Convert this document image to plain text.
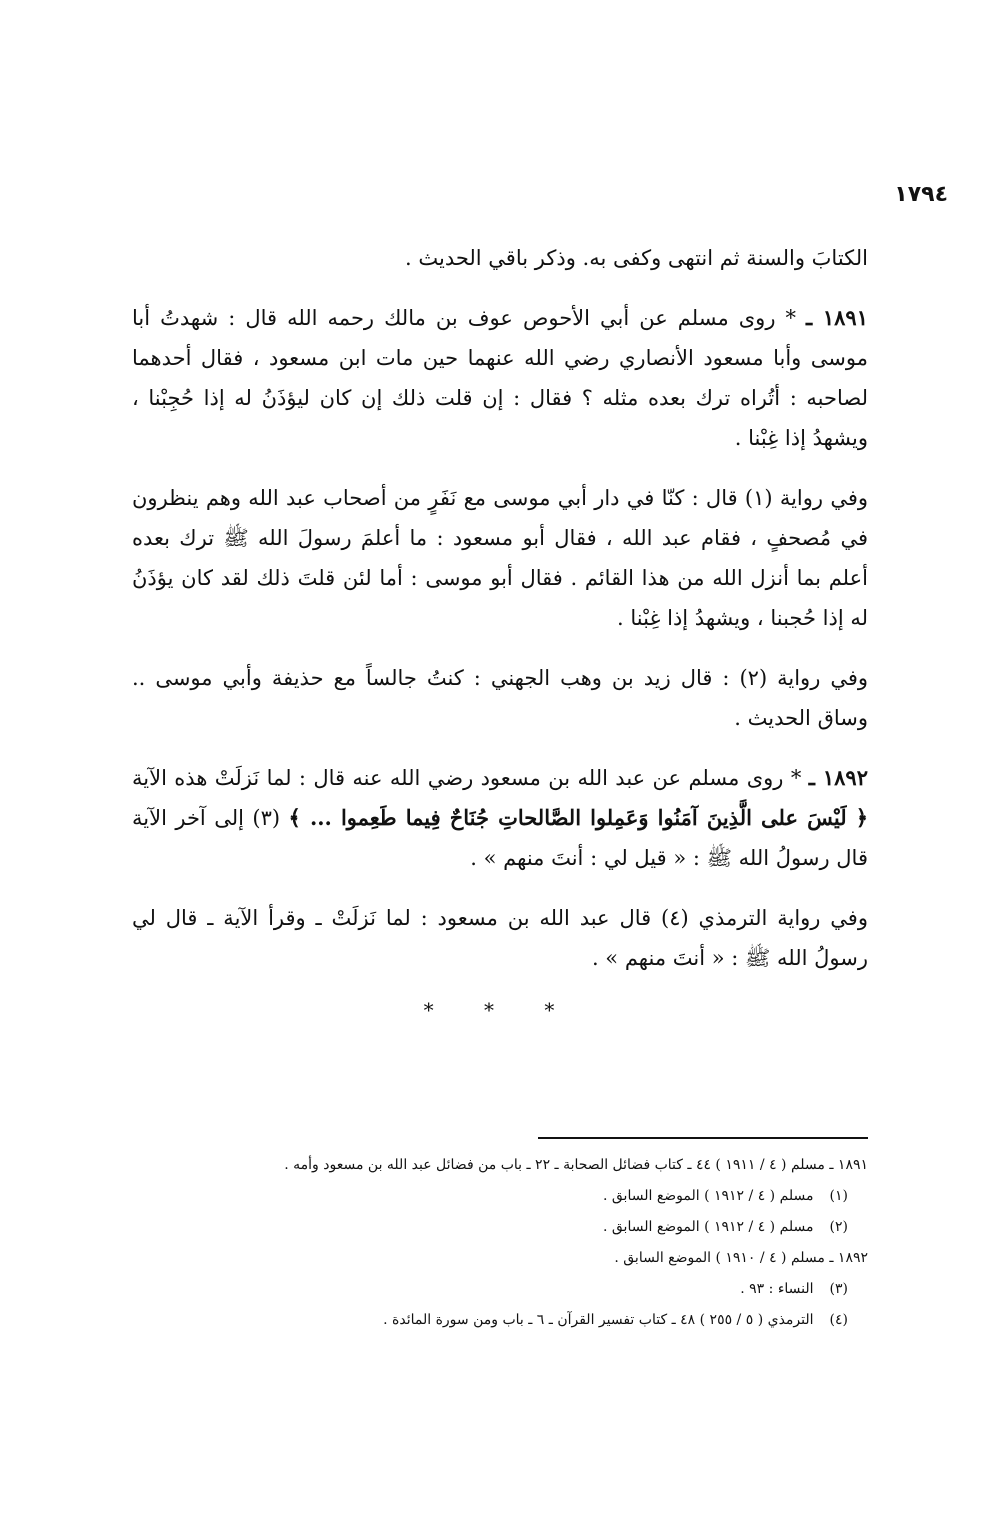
١٧٩٤

الكتابَ والسنة ثم انتهى وكفى به. وذكر باقي الحديث .

١٨٩١ ـ * روى مسلم عن أبي الأحوص عوف بن مالك رحمه الله قال : شهدتُ أبا موسى وأبا مسعود الأنصاري رضي الله عنهما حين مات ابن مسعود ، فقال أحدهما لصاحبه : أتُراه ترك بعده مثله ؟ فقال : إن قلت ذلك إن كان ليؤذَنُ له إذا حُجِبْنا ، ويشهدُ إذا غِبْنا .

وفي رواية (١) قال : كنّا في دار أبي موسى مع نَفَرٍ من أصحاب عبد الله وهم ينظرون في مُصحفٍ ، فقام عبد الله ، فقال أبو مسعود : ما أعلمَ رسولَ الله ﷺ ترك بعده أعلم بما أنزل الله من هذا القائم . فقال أبو موسى : أما لئن قلتَ ذلك لقد كان يؤذَنُ له إذا حُجبنا ، ويشهدُ إذا غِبْنا .

وفي رواية (٢) : قال زيد بن وهب الجهني : كنتُ جالساً مع حذيفة وأبي موسى .. وساق الحديث .

١٨٩٢ ـ * روى مسلم عن عبد الله بن مسعود رضي الله عنه قال : لما نَزلَتْ هذه الآية ﴿ لَيْسَ على الَّذِينَ آمَنُوا وَعَمِلوا الصَّالحاتِ جُنَاحٌ فِيما طَعِموا ... ﴾ (٣) إلى آخر الآية قال رسولُ الله ﷺ : « قيل لي : أنتَ منهم » .

وفي رواية الترمذي (٤) قال عبد الله بن مسعود : لما نَزلَتْ ـ وقرأ الآية ـ قال لي رسولُ الله ﷺ : « أنتَ منهم » .

* * *
١٨٩١ ـ مسلم ( ٤ / ١٩١١ ) ٤٤ ـ كتاب فضائل الصحابة ـ ٢٢ ـ باب من فضائل عبد الله بن مسعود وأمه .
(١) مسلم ( ٤ / ١٩١٢ ) الموضع السابق .
(٢) مسلم ( ٤ / ١٩١٢ ) الموضع السابق .
١٨٩٢ ـ مسلم ( ٤ / ١٩١٠ ) الموضع السابق .
(٣) النساء : ٩٣ .
(٤) الترمذي ( ٥ / ٢٥٥ ) ٤٨ ـ كتاب تفسير القرآن ـ ٦ ـ باب ومن سورة المائدة .
